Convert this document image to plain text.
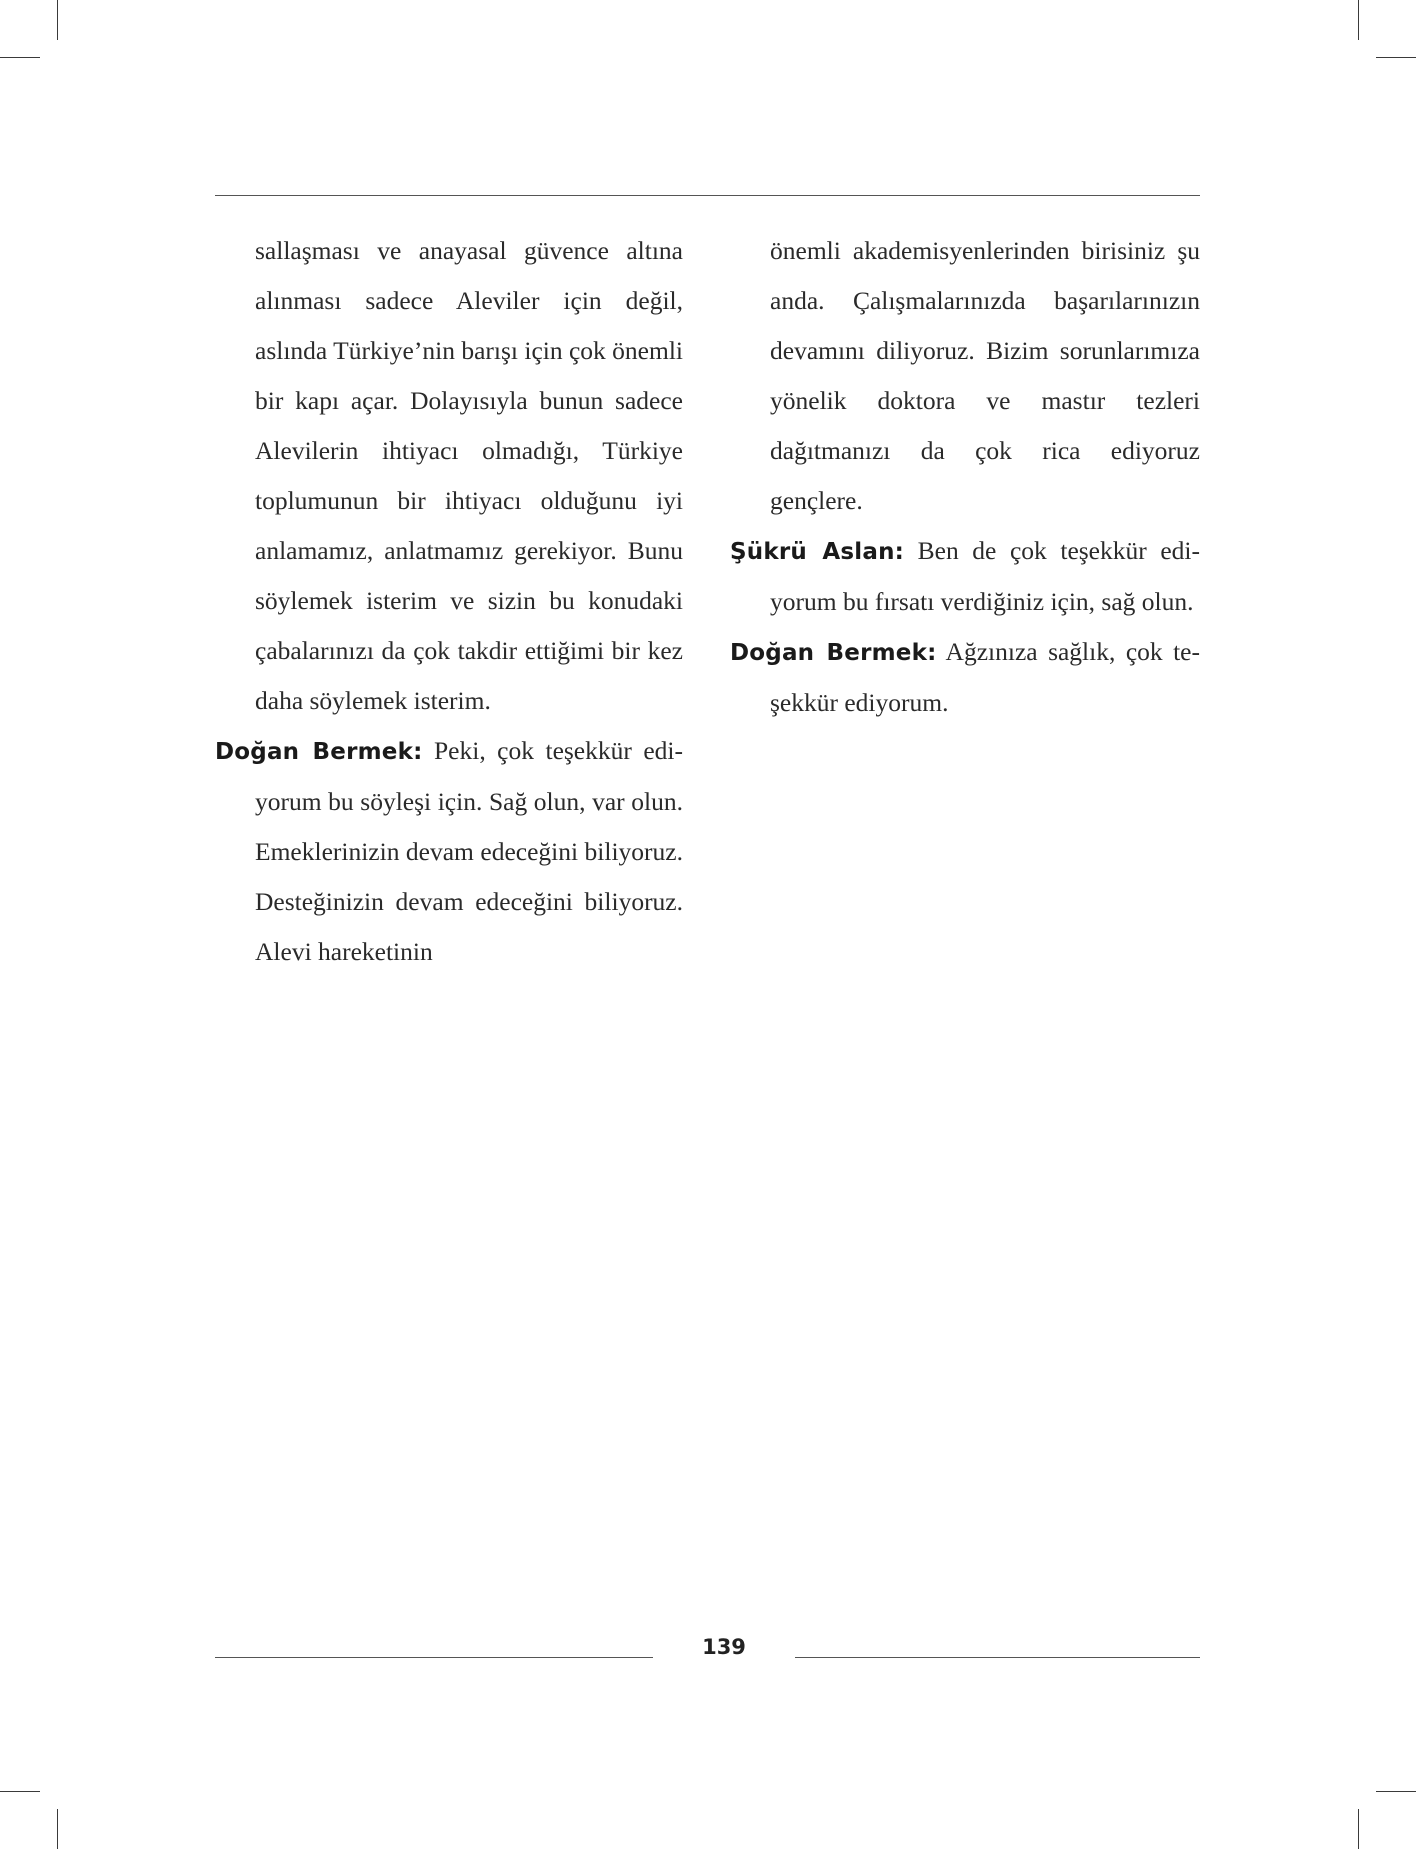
sallaşması ve anayasal güvence altına alınması sadece Aleviler için değil, aslında Türkiye’nin barışı için çok önemli bir kapı açar. Dolayısıyla bunun sadece Alevilerin ihtiyacı olmadığı, Türkiye toplumunun bir ihtiyacı olduğunu iyi anlamamız, anlatmamız gerekiyor. Bunu söylemek isterim ve sizin bu konudaki çabalarınızı da çok takdir ettiğimi bir kez daha söylemek isterim.

Doğan Bermek: Peki, çok teşekkür ediyorum bu söyleşi için. Sağ olun, var olun. Emeklerinizin devam edeceğini biliyoruz. Desteğinizin devam edeceğini biliyoruz. Alevi hareketinin

önemli akademisyenlerinden birisiniz şu anda. Çalışmalarınızda başarılarınızın devamını diliyoruz. Bizim sorunlarımıza yönelik doktora ve mastır tezleri dağıtmanızı da çok rica ediyoruz gençlere.

Şükrü Aslan: Ben de çok teşekkür ediyorum bu fırsatı verdiğiniz için, sağ olun.

Doğan Bermek: Ağzınıza sağlık, çok teşekkür ediyorum.

139
